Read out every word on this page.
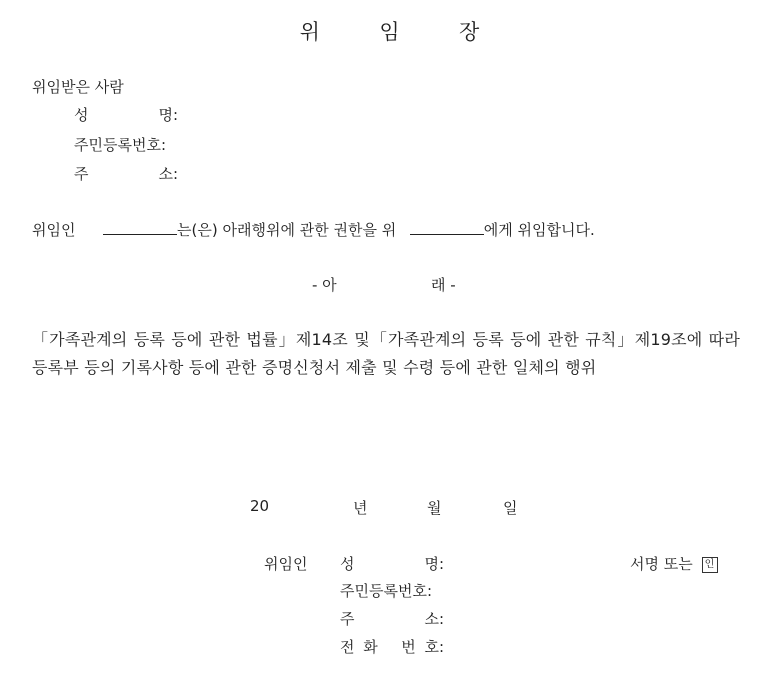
위	임	장
위임받은 사람
성	명:
주민등록번호:
주	소:
위임인	는(은) 아래행위에 관한 권한을 위	에게 위임합니다.
- 아	래 -
「가족관계의 등록 등에 관한 법률」제14조 및「가족관계의 등록 등에 관한 규칙」제19조에 따라 등록부 등의 기록사항 등에 관한 증명신청서 제출 및 수령 등에 관한 일체의 행위
20	년	월	일
위임인 성	명:	서명 또는 인
주민등록번호:
주	소:
전 화 번 호:
